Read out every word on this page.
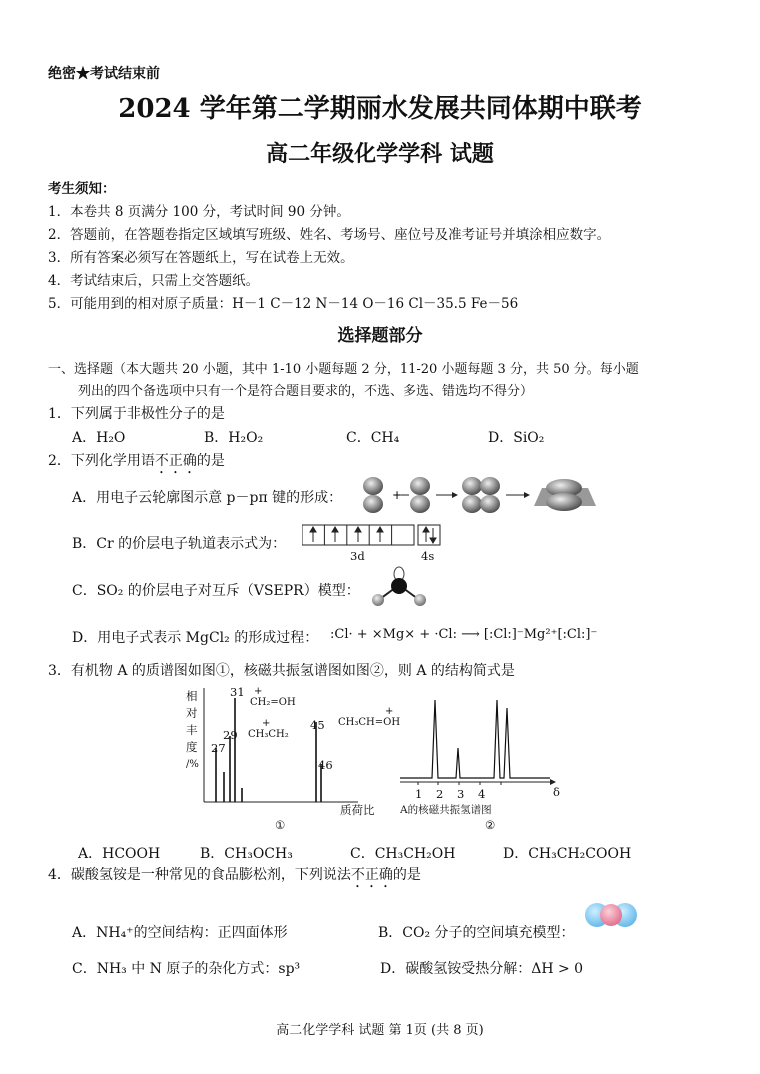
绝密★考试结束前
2024 学年第二学期丽水发展共同体期中联考
高二年级化学学科 试题
考生须知：
1．本卷共 8 页满分 100 分，考试时间 90 分钟。
2．答题前，在答题卷指定区域填写班级、姓名、考场号、座位号及准考证号并填涂相应数字。
3．所有答案必须写在答题纸上，写在试卷上无效。
4．考试结束后，只需上交答题纸。
5．可能用到的相对原子质量：H－1 C－12 N－14 O－16 Cl－35.5 Fe－56
选择题部分
一、选择题（本大题共 20 小题，其中 1-10 小题每题 2 分，11-20 小题每题 3 分，共 50 分。每小题
列出的四个备选项中只有一个是符合题目要求的，不选、多选、错选均不得分）
1．下列属于非极性分子的是
A．H₂O	B．H₂O₂	C．CH₄	D．SiO₂
2．下列化学用语不正确的是
A．用电子云轮廓图示意 p－pπ 键的形成：	+
B．Cr 的价层电子轨道表示式为：
3d	4s
C．SO₂ 的价层电子对互斥（VSEPR）模型：
D．用电子式表示 MgCl₂ 的形成过程： :Cl· + ×Mg× + ·Cl: ⟶ [:Cl:]⁻Mg²⁺[:Cl:]⁻
3．有机物 A 的质谱图如图①，核磁共振氢谱图如图②，则 A 的结构简式是
相
对
丰
度
/%
27
29
31
45
46
+
CH₂=OH
+
CH₃CH₂
+
CH₃CH=OH
质荷比
①
1 2 3 4	δ
A的核磁共振氢谱图
②
A．HCOOH	B．CH₃OCH₃	C．CH₃CH₂OH	D．CH₃CH₂COOH
4．碳酸氢铵是一种常见的食品膨松剂，下列说法不正确的是
A．NH₄⁺的空间结构：正四面体形	B．CO₂ 分子的空间填充模型：
C．NH₃ 中 N 原子的杂化方式：sp³	D．碳酸氢铵受热分解：ΔH > 0
高二化学学科 试题 第 1页 (共 8 页)
